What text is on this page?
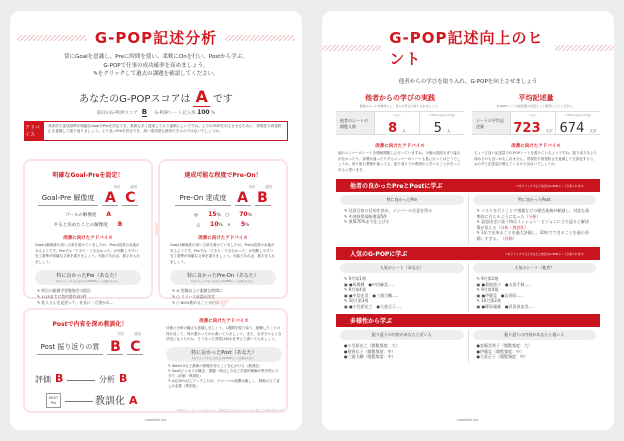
G-POP記述分析
常にGoalを意識し、Preに時間を使い、柔軟にOnを行い、Postから学ぶ。
G-POPで仕事の成功確率を高めましょう。
✎をクリックして過去の課題を確認してください。
あなたのG-POPスコアは A です
前回のG-POPスコア B G-POPシート記入率 100 %
アドバイス
具体的で達成基準が明確なGoalやPreを設定でき、業務も多く達成しており素晴らしいですね。よりG-POPを向上させるために、再現性や再発防止を意識して振り返りましょう。より良いPreを設定でき、高い達成度も維持できるのではないでしょうか。
明確なGoal-Preを設定！
今回	前回
Goal-Pre 解像度 A C
ゴールの解像度 A
やると決めたことの解像度 B
改善に向けたアドバイス
Goalは解像度の高い文章を書けていましたが、Preは改善の余地があるようです。Preでは「できた・できなかった」が判断しやすい完了基準が明確な文章を書きましょう。可能であれば、数字を入れましょう。
特に良かったPre（あなた）
✎をクリックするとあなたのG-POPシートが見られます。
✎ 明日の総務学習勉強会の提出
✎ 1/15までに契約書作成3件
✎ 拡人さんを見習って、社長に一言書かれ...
達成可能な程度でPre-On！
今回	前回
Pre-On 達成度 A B
◎ 15%　 ○ 70%
△ 10%　 × 5%
改善に向けたアドバイス
Goalは解像度の高い文章を書けていましたが、Preは改善の余地があるようです。Preでは「できた・できなかった」が判断しやすい完了基準が明確な文章を書きましょう。可能であれば、数字を入れましょう。
特に良かったPre-On（あなた）
✎をクリックするとあなたのG-POPシートが見られます。
✎ ◎ 想像以上に素敵な時間に
✎ ○ リリース承認が決定
✎ ○ 80%進めることが出来た
Postで内省を深め教訓化！
今回	前回
Post 振り返りの質 B C
評価 B	分析 B
NEXT Pre	教訓化 A
改善に向けたアドバイス
評価と分析の観点も意識しましょう。1週間を振り返り、経験したことの何が良くて、何が悪かったのか書いてみましょう。また、なぜそのような状況になったのか、そうなった背景は何かを考えて書いてみましょう。
特に良かったPost（あなた）
✎をクリックするとあなたのG-POPシートが見られます。
✎ Web3.0など最新の情報を得ることを心がける（教訓化）
✎ SaaSビジネスの概念・課題・伸ばし方など多面的理解が集中的にできた（評価・教訓化）
✎ A社20%以上アップしたが、グローバル展開は厳しく、戦略の立て直しが必要（教訓化）
※AIがサジェストしているものです。内容は必ずしも本人のものとは一致しない場合があります。
codefakt Inc.
G-POP記述向上のヒント
他者からの学びを取り入れ、G-POPを向上させましょう
他者からの学びの実践
他者のシートを参考にし、自らの学びに取り入れましょう。
他者のシートの閲覧人数
あなた
8 人
G-POP全社員の平均値
5 人
平均記述量
G-POPシートの記述量の目安として参考にしてください。
シートの平均記述量
あなた
723 文字
G-POP全社員の平均値
674 文字
改善に向けたアドバイス
他のメンバーのシートを積極閲覧しに行っていますね。今後は普段あまり接点がなかったり、部署が違ったりするメンバーのシートも見に行ってはどうでしょうか。取り組む業務が違っても、振り返りでの教訓から学べることがきっとあると思います。
改善に向けたアドバイス
ちょうど良い記述量でG-POPシートを書けているようですね。振り返りをより深めるのも良いかもしれません。再現性や再発防止を意識して言語化すると、おのずと記述量が増えてくるのではないでしょうか。
他者の良かったPreとPostに学ぶ	✎をクリックすると他者のG-POPシートが見られます。
特に良かったPre
✎ 社員合宿の目的を決め、メンバーの合意を得る
✎ 中途採用面接書面5件
✎ 執筆70%まで仕上げる
特に良かったPost
✎ ぐるりを行うことで週報などの報告業務が軽減し、対話も効率的に行えるようになった（分析）
✎ 意思決定に迷う時はミッション・ビジョンに立ち返ると解決策が見える（分析・教訓化）
✎ 1年で出来ることを過大評価し、10年でできることを過小評価しすぎる。（評価）
人気のG-POPに学ぶ	✎をクリックするとあなたと他者のG-POPシートが見られます。
人気のシート（あなた）
✎ 9月第1週
▣ ●馬場健　●中田麻美.....
✎ 9月第4週
▣ ●中島宏美　●三浦大輔.....
✎ 10月第3週
▣ ●小笠原宏之　●大倉正子.....
人気のシート（他者）
✎ 9月第2週
▣ ●菊地恵子　●太田千秋.....
✎ 9月第4週
▣ ●伊藤晃　●岩田昭.....
✎ 10月第2週
▣ ●篠原義雄　●沢田真由美.....
多様性から学ぶ
振り返りの内容があなたと近い人
●小笠原宏之（閲覧頻度：大）
●星野広子（閲覧頻度：中）
●三浦大輔（閲覧頻度：中）
振り返りの内容があなたと遠い人
●安藤美智子（閲覧頻度：大）
●伊藤晃（閲覧頻度：中）
●大倉正子（閲覧頻度：中）
codefakt Inc.
